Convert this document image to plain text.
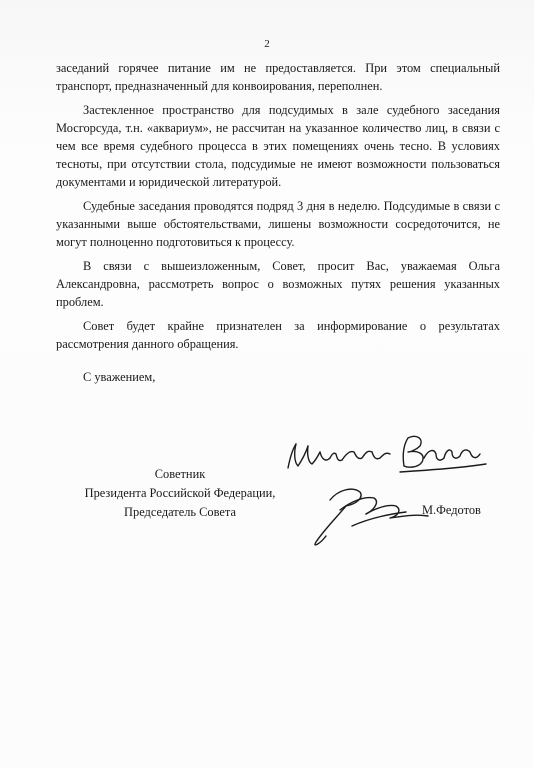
2

заседаний горячее питание им не предоставляется. При этом специальный транспорт, предназначенный для конвоирования, переполнен.

Застекленное пространство для подсудимых в зале судебного заседания Мосгорсуда, т.н. «аквариум», не рассчитан на указанное количество лиц, в связи с чем все время судебного процесса в этих помещениях очень тесно. В условиях тесноты, при отсутствии стола, подсудимые не имеют возможности пользоваться документами и юридической литературой.

Судебные заседания проводятся подряд 3 дня в неделю. Подсудимые в связи с указанными выше обстоятельствами, лишены возможности сосредоточится, не могут полноценно подготовиться к процессу.

В связи с вышеизложенным, Совет, просит Вас, уважаемая Ольга Александровна, рассмотреть вопрос о возможных путях решения указанных проблем.

Совет будет крайне признателен за информирование о результатах рассмотрения данного обращения.

С уважением,
Советник
Президента Российской Федерации,
Председатель Совета	М.Федотов
